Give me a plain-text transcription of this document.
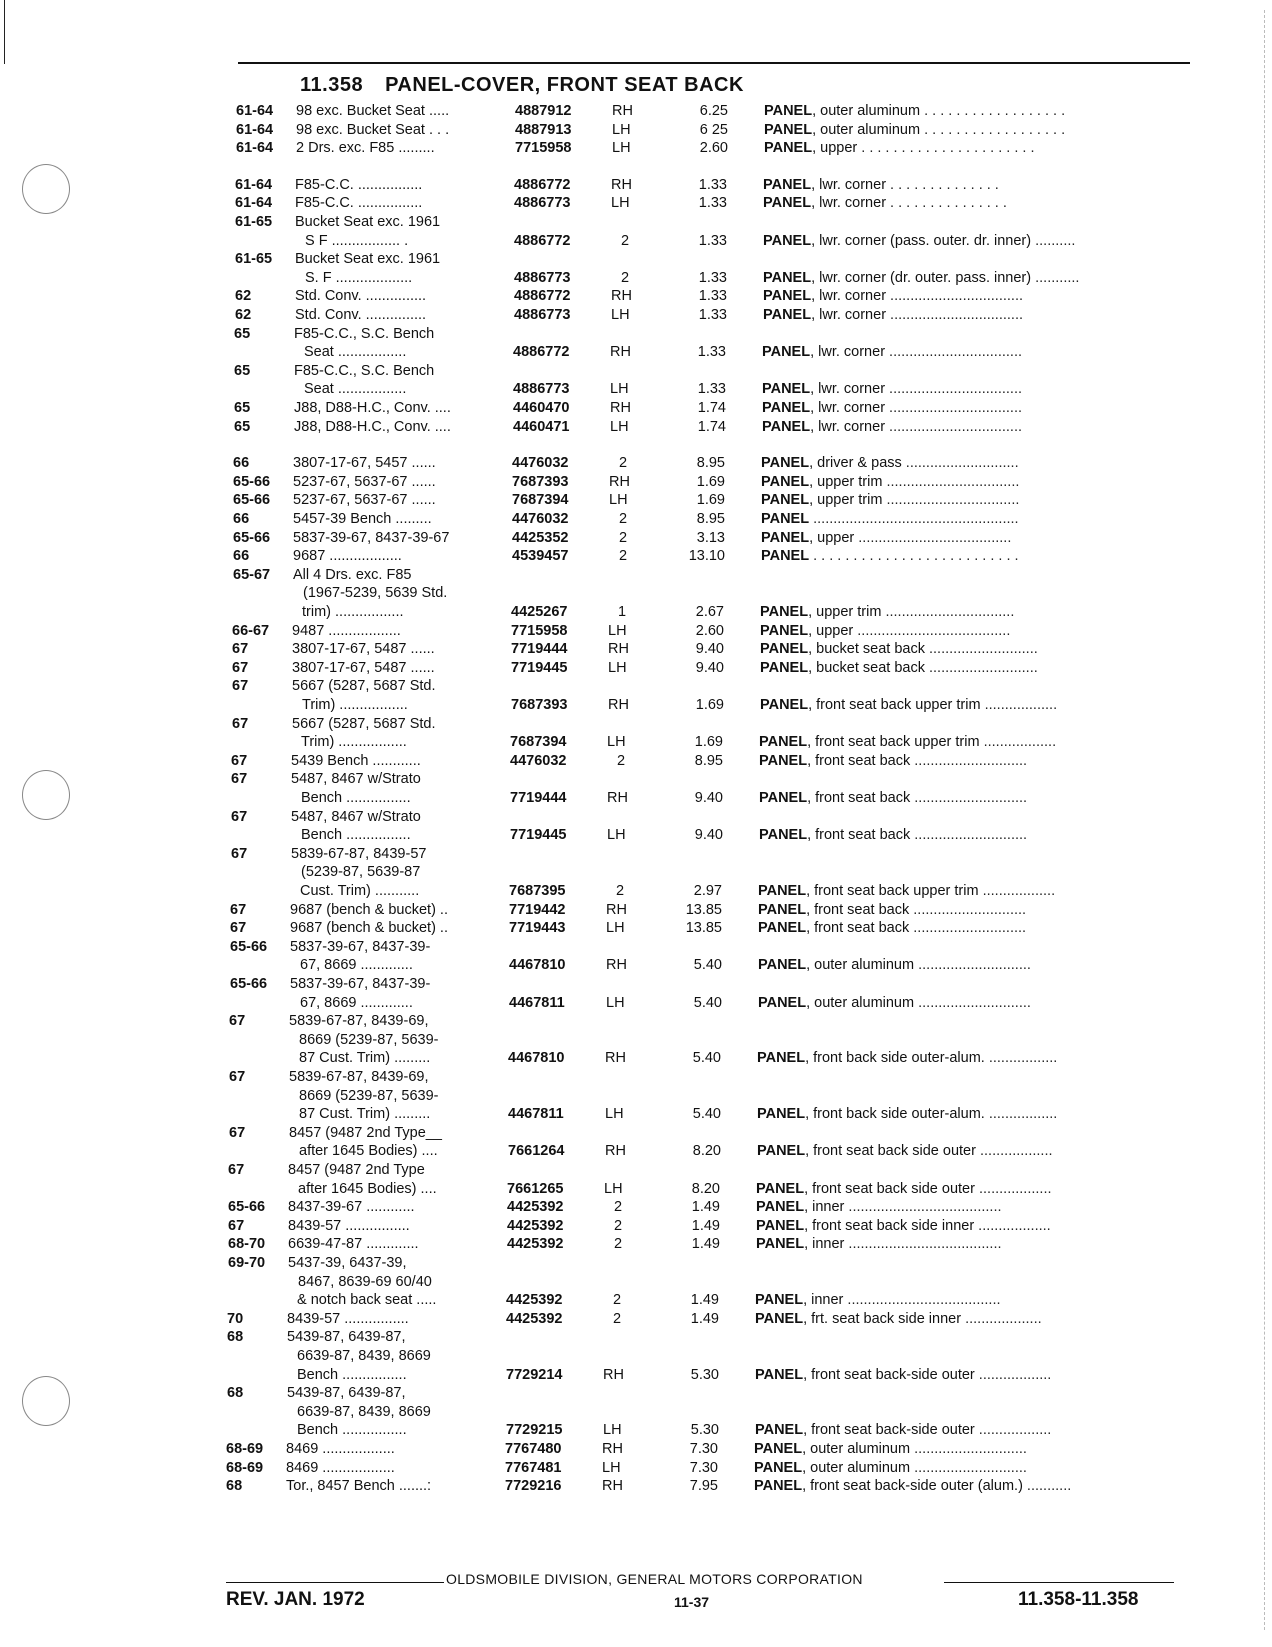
11.358 PANEL-COVER, FRONT SEAT BACK
61-64 98 exc. Bucket Seat .....	4887912	RH	6.25 PANEL, outer aluminum . . . . . . . . . . . . . . . . . .
61-64 98 exc. Bucket Seat . . .	4887913	LH	6 25 PANEL, outer aluminum . . . . . . . . . . . . . . . . . .
61-64 2 Drs. exc. F85 .........	7715958	LH	2.60 PANEL, upper . . . . . . . . . . . . . . . . . . . . . .
61-64 F85-C.C. ................	4886772	RH	1.33 PANEL, lwr. corner . . . . . . . . . . . . . .
61-64 F85-C.C. ................	4886773	LH	1.33 PANEL, lwr. corner . . . . . . . . . . . . . . .
61-65 Bucket Seat exc. 1961
S F ................. .	4886772	2	1.33 PANEL, lwr. corner (pass. outer. dr. inner) ..........
61-65 Bucket Seat exc. 1961
S. F ...................	4886773	2	1.33 PANEL, lwr. corner (dr. outer. pass. inner) ...........
62	Std. Conv. ...............	4886772	RH	1.33 PANEL, lwr. corner .................................
62	Std. Conv. ...............	4886773	LH	1.33 PANEL, lwr. corner .................................
65	F85-C.C., S.C. Bench
Seat .................	4886772	RH	1.33 PANEL, lwr. corner .................................
65	F85-C.C., S.C. Bench
Seat .................	4886773	LH	1.33 PANEL, lwr. corner .................................
65	J88, D88-H.C., Conv. ....	4460470	RH	1.74 PANEL, lwr. corner .................................
65	J88, D88-H.C., Conv. ....	4460471	LH	1.74 PANEL, lwr. corner .................................
66	3807-17-67, 5457 ......	4476032	2	8.95 PANEL, driver & pass ............................
65-66 5237-67, 5637-67 ......	7687393	RH	1.69 PANEL, upper trim .................................
65-66 5237-67, 5637-67 ......	7687394	LH	1.69 PANEL, upper trim .................................
66	5457-39 Bench .........	4476032	2	8.95 PANEL ...................................................
65-66 5837-39-67, 8437-39-67	4425352	2	3.13 PANEL, upper ......................................
66	9687 ..................	4539457	2	13.10 PANEL . . . . . . . . . . . . . . . . . . . . . . . . . .
65-67 All 4 Drs. exc. F85
(1967-5239, 5639 Std.
trim) .................	4425267	1	2.67 PANEL, upper trim ................................
66-67 9487 ..................	7715958	LH	2.60 PANEL, upper ......................................
67	3807-17-67, 5487 ......	7719444	RH	9.40 PANEL, bucket seat back ...........................
67	3807-17-67, 5487 ......	7719445	LH	9.40 PANEL, bucket seat back ...........................
67	5667 (5287, 5687 Std.
Trim) .................	7687393	RH	1.69 PANEL, front seat back upper trim ..................
67	5667 (5287, 5687 Std.
Trim) .................	7687394	LH	1.69 PANEL, front seat back upper trim ..................
67	5439 Bench ............	4476032	2	8.95 PANEL, front seat back ............................
67	5487, 8467 w/Strato
Bench ................	7719444	RH	9.40 PANEL, front seat back ............................
67	5487, 8467 w/Strato
Bench ................	7719445	LH	9.40 PANEL, front seat back ............................
67	5839-67-87, 8439-57
(5239-87, 5639-87
Cust. Trim) ...........	7687395	2	2.97 PANEL, front seat back upper trim ..................
67	9687 (bench & bucket) ..	7719442	RH	13.85 PANEL, front seat back ............................
67	9687 (bench & bucket) ..	7719443	LH	13.85 PANEL, front seat back ............................
65-66 5837-39-67, 8437-39-
67, 8669 .............	4467810	RH	5.40 PANEL, outer aluminum ............................
65-66 5837-39-67, 8437-39-
67, 8669 .............	4467811	LH	5.40 PANEL, outer aluminum ............................
67	5839-67-87, 8439-69,
8669 (5239-87, 5639-
87 Cust. Trim) .........	4467810	RH	5.40 PANEL, front back side outer-alum. .................
67	5839-67-87, 8439-69,
8669 (5239-87, 5639-
87 Cust. Trim) .........	4467811	LH	5.40 PANEL, front back side outer-alum. .................
67	8457 (9487 2nd Type__
after 1645 Bodies) ....	7661264	RH	8.20 PANEL, front seat back side outer ..................
67	8457 (9487 2nd Type
after 1645 Bodies) ....	7661265	LH	8.20 PANEL, front seat back side outer ..................
65-66 8437-39-67 ............	4425392	2	1.49 PANEL, inner ......................................
67	8439-57 ................	4425392	2	1.49 PANEL, front seat back side inner ..................
68-70 6639-47-87 .............	4425392	2	1.49 PANEL, inner ......................................
69-70 5437-39, 6437-39,
8467, 8639-69 60/40
& notch back seat .....	4425392	2	1.49 PANEL, inner ......................................
70	8439-57 ................	4425392	2	1.49 PANEL, frt. seat back side inner ...................
68	5439-87, 6439-87,
6639-87, 8439, 8669
Bench ................	7729214	RH	5.30 PANEL, front seat back-side outer ..................
68	5439-87, 6439-87,
6639-87, 8439, 8669
Bench ................	7729215	LH	5.30 PANEL, front seat back-side outer ..................
68-69 8469 ..................	7767480	RH	7.30 PANEL, outer aluminum ............................
68-69 8469 ..................	7767481	LH	7.30 PANEL, outer aluminum ............................
68	Tor., 8457 Bench .......:	7729216	RH	7.95 PANEL, front seat back-side outer (alum.) ...........
OLDSMOBILE DIVISION, GENERAL MOTORS CORPORATION
REV. JAN. 1972	11-37	11.358-11.358
